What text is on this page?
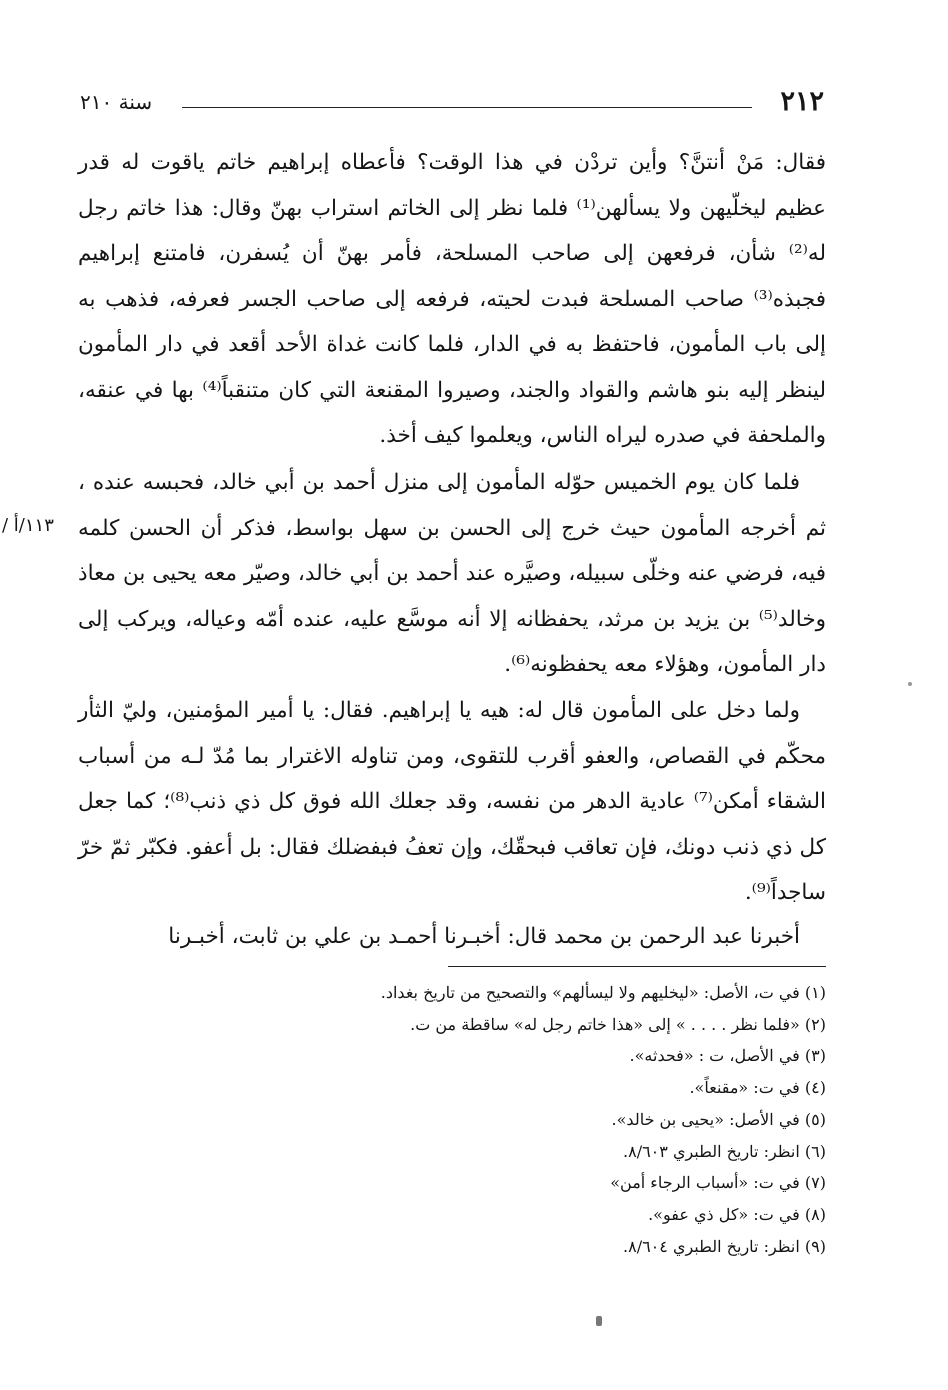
٢١٢
سنة ٢١٠

فقال: مَنْ أنتنَّ؟ وأين تردْن في هذا الوقت؟ فأعطاه إبراهيم خاتم ياقوت له قدر عظيم ليخلّيهن ولا يسألهن⁽¹⁾ فلما نظر إلى الخاتم استراب بهنّ وقال: هذا خاتم رجل له⁽²⁾ شأن، فرفعهن إلى صاحب المسلحة، فأمر بهنّ أن يُسفرن، فامتنع إبراهيم فجبذه⁽³⁾ صاحب المسلحة فبدت لحيته، فرفعه إلى صاحب الجسر فعرفه، فذهب به إلى باب المأمون، فاحتفظ به في الدار، فلما كانت غداة الأحد أقعد في دار المأمون لينظر إليه بنو هاشم والقواد والجند، وصيروا المقنعة التي كان متنقباً⁽⁴⁾ بها في عنقه، والملحفة في صدره ليراه الناس، ويعلموا كيف أخذ.

١١٣/أ /

فلما كان يوم الخميس حوّله المأمون إلى منزل أحمد بن أبي خالد، فحبسه عنده ، ثم أخرجه المأمون حيث خرج إلى الحسن بن سهل بواسط، فذكر أن الحسن كلمه فيه، فرضي عنه وخلّى سبيله، وصيَّره عند أحمد بن أبي خالد، وصيّر معه يحيى بن معاذ وخالد⁽⁵⁾ بن يزيد بن مرثد، يحفظانه إلا أنه موسَّع عليه، عنده أمّه وعياله، ويركب إلى دار المأمون، وهؤلاء معه يحفظونه⁽⁶⁾.

ولما دخل على المأمون قال له: هيه يا إبراهيم. فقال: يا أمير المؤمنين، وليّ الثأر محكّم في القصاص، والعفو أقرب للتقوى، ومن تناوله الاغترار بما مُدّ لـه من أسباب الشقاء أمكن⁽⁷⁾ عادية الدهر من نفسه، وقد جعلك الله فوق كل ذي ذنب⁽⁸⁾؛ كما جعل كل ذي ذنب دونك، فإن تعاقب فبحقّك، وإن تعفُ فبفضلك فقال: بل أعفو. فكبّر ثمّ خرّ ساجداً⁽⁹⁾.

أخبرنا عبد الرحمن بن محمد قال: أخبـرنا أحمـد بن علي بن ثابت، أخبـرنا

(١) في ت، الأصل: «ليخليهم ولا ليسألهم» والتصحيح من تاريخ بغداد.
(٢) «فلما نظر . . . . » إلى «هذا خاتم رجل له» ساقطة من ت.
(٣) في الأصل، ت : «فحدثه».
(٤) في ت: «مقنعاً».
(٥) في الأصل: «يحيى بن خالد».
(٦) انظر: تاريخ الطبري ٨/٦٠٣.
(٧) في ت: «أسباب الرجاء أمن»
(٨) في ت: «كل ذي عفو».
(٩) انظر: تاريخ الطبري ٨/٦٠٤.
